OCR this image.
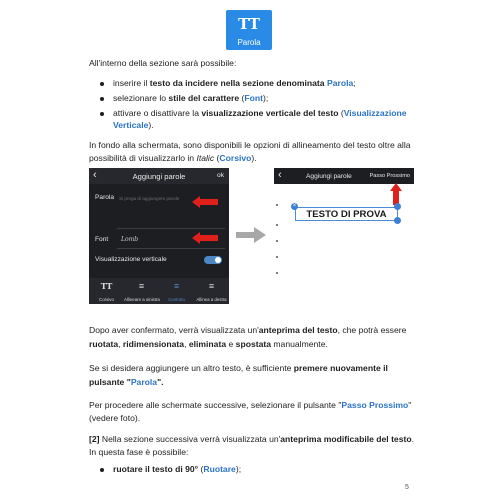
TT
Parola
All'interno della sezione sarà possibile:
inserire il testo da incidere nella sezione denominata Parola;
selezionare lo stile del carattere (Font);
attivare o disattivare la visualizzazione verticale del testo (Visualizzazione
Verticale).
In fondo alla schermata, sono disponibili le opzioni di allineamento del testo oltre alla
possibilità di visualizzarlo in Italic (Corsivo).
‹	Aggiungi parole	ok
Parola Si prega di aggiungere parole
Font Lomb
Visualizzazione verticale
TT
Corsivo
≡
Allineare a sinistra
≡
Centrato
≡
Allinea a destra
‹	Aggiungi parole	Passo Prossimo
TESTO DI PROVA
×
Dopo aver confermato, verrà visualizzata un'anteprima del testo, che potrà essere
ruotata, ridimensionata, eliminata e spostata manualmente.
Se si desidera aggiungere un altro testo, è sufficiente premere nuovamente il
pulsante "Parola".
Per procedere alle schermate successive, selezionare il pulsante "Passo Prossimo"
(vedere foto).
[2] Nella sezione successiva verrà visualizzata un'anteprima modificabile del testo.
In questa fase è possibile:
ruotare il testo di 90° (Ruotare);
5
